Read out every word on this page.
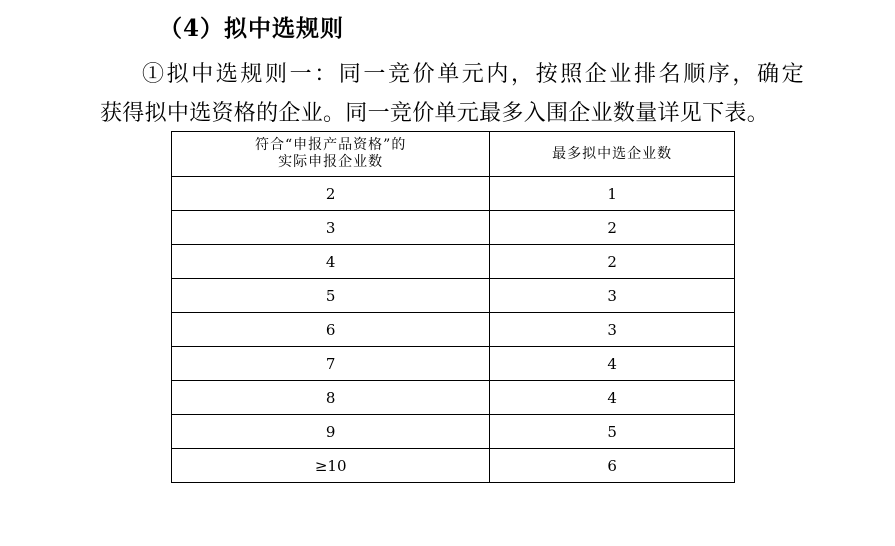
（4）拟中选规则
①拟中选规则一：同一竞价单元内，按照企业排名顺序，确定
获得拟中选资格的企业。同一竞价单元最多入围企业数量详见下表。
符合“申报产品资格”的
实际申报企业数	最多拟中选企业数
2	1
3	2
4	2
5	3
6	3
7	4
8	4
9	5
≥10	6
